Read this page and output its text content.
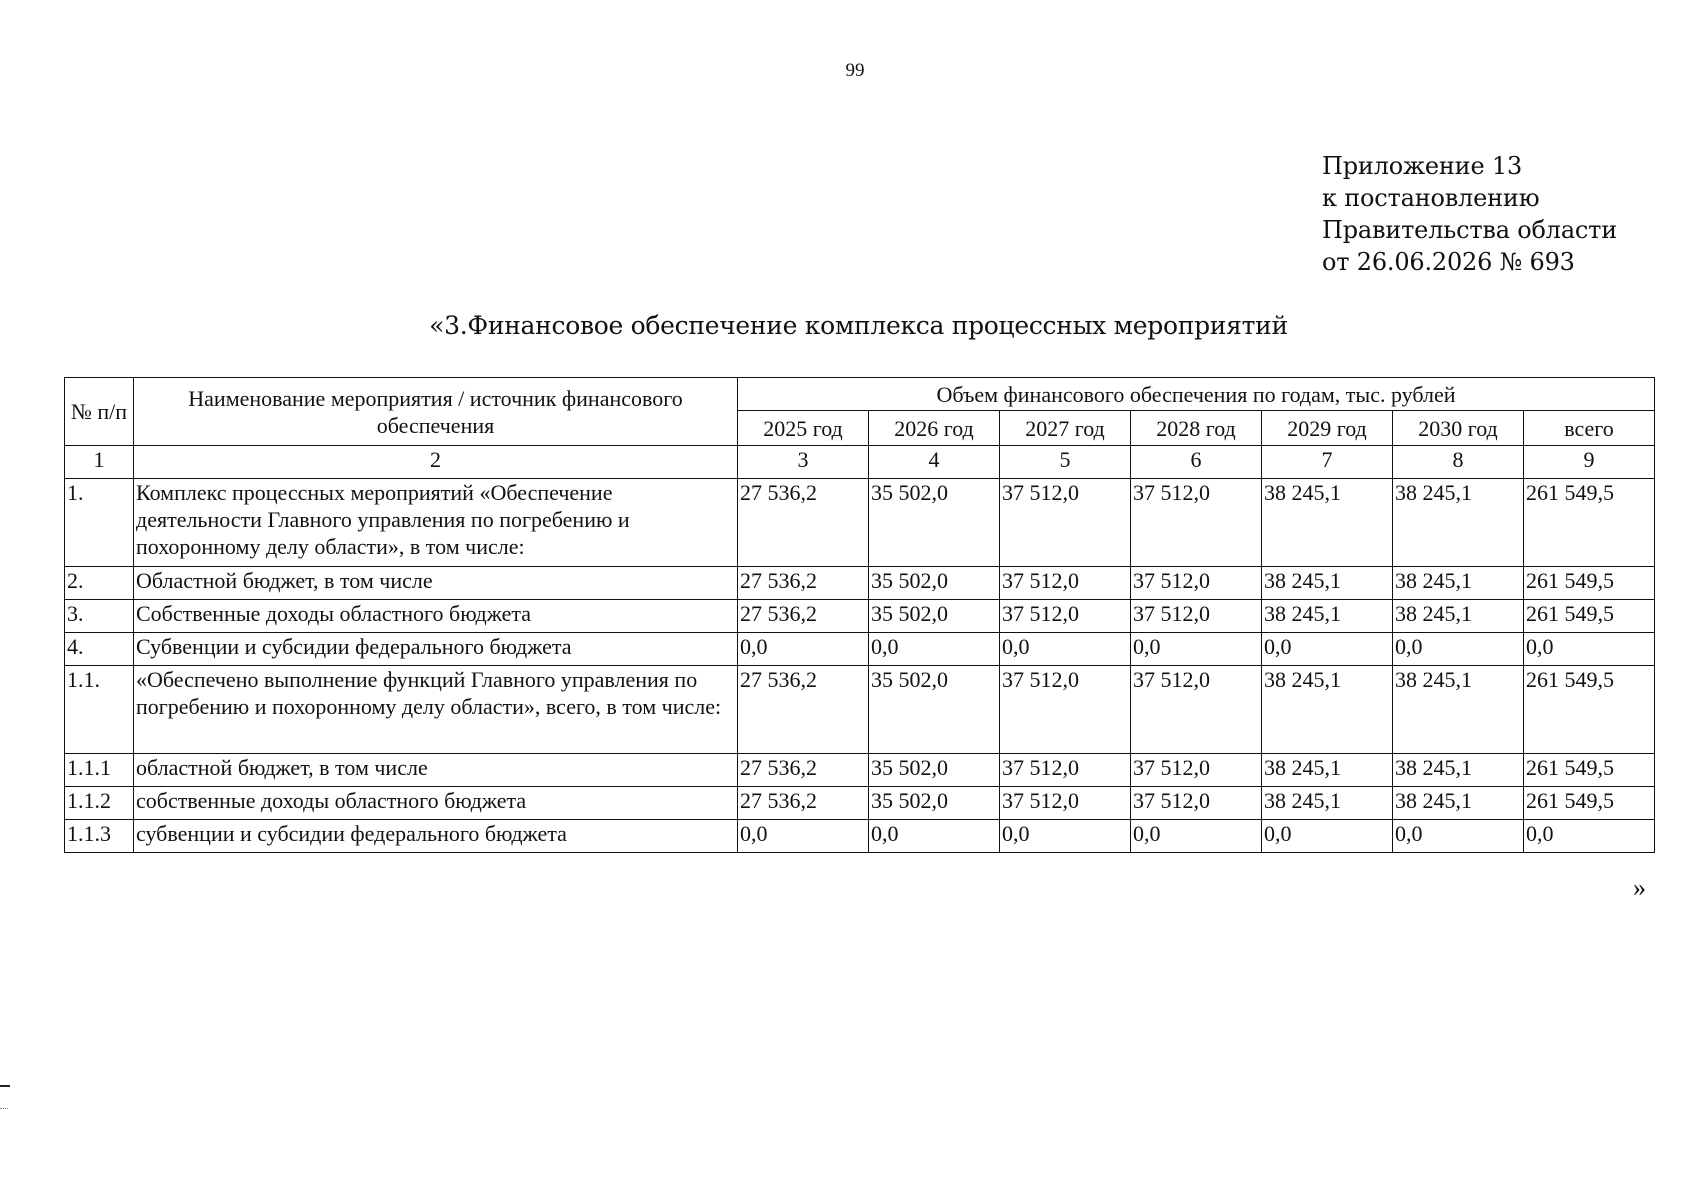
99
Приложение 13
к постановлению
Правительства области
от 26.06.2026 № 693
«3.Финансовое обеспечение комплекса процессных мероприятий
№ п/п	Наименование мероприятия / источник финансового обеспечения	Объем финансового обеспечения по годам, тыс. рублей						
		2025 год	2026 год	2027 год	2028 год	2029 год	2030 год	всего
1	2	3	4	5	6	7	8	9
1.	Комплекс процессных мероприятий «Обеспечение деятельности Главного управления по погребению и похоронному делу области», в том числе:	27 536,2	35 502,0	37 512,0	37 512,0	38 245,1	38 245,1	261 549,5
2.	Областной бюджет, в том числе	27 536,2	35 502,0	37 512,0	37 512,0	38 245,1	38 245,1	261 549,5
3.	Собственные доходы областного бюджета	27 536,2	35 502,0	37 512,0	37 512,0	38 245,1	38 245,1	261 549,5
4.	Субвенции и субсидии федерального бюджета	0,0	0,0	0,0	0,0	0,0	0,0	0,0
1.1.	«Обеспечено выполнение функций Главного управления по погребению и похоронному делу области», всего, в том числе:	27 536,2	35 502,0	37 512,0	37 512,0	38 245,1	38 245,1	261 549,5
1.1.1	областной бюджет, в том числе	27 536,2	35 502,0	37 512,0	37 512,0	38 245,1	38 245,1	261 549,5
1.1.2	собственные доходы областного бюджета	27 536,2	35 502,0	37 512,0	37 512,0	38 245,1	38 245,1	261 549,5
1.1.3	субвенции и субсидии федерального бюджета	0,0	0,0	0,0	0,0	0,0	0,0	0,0
»
